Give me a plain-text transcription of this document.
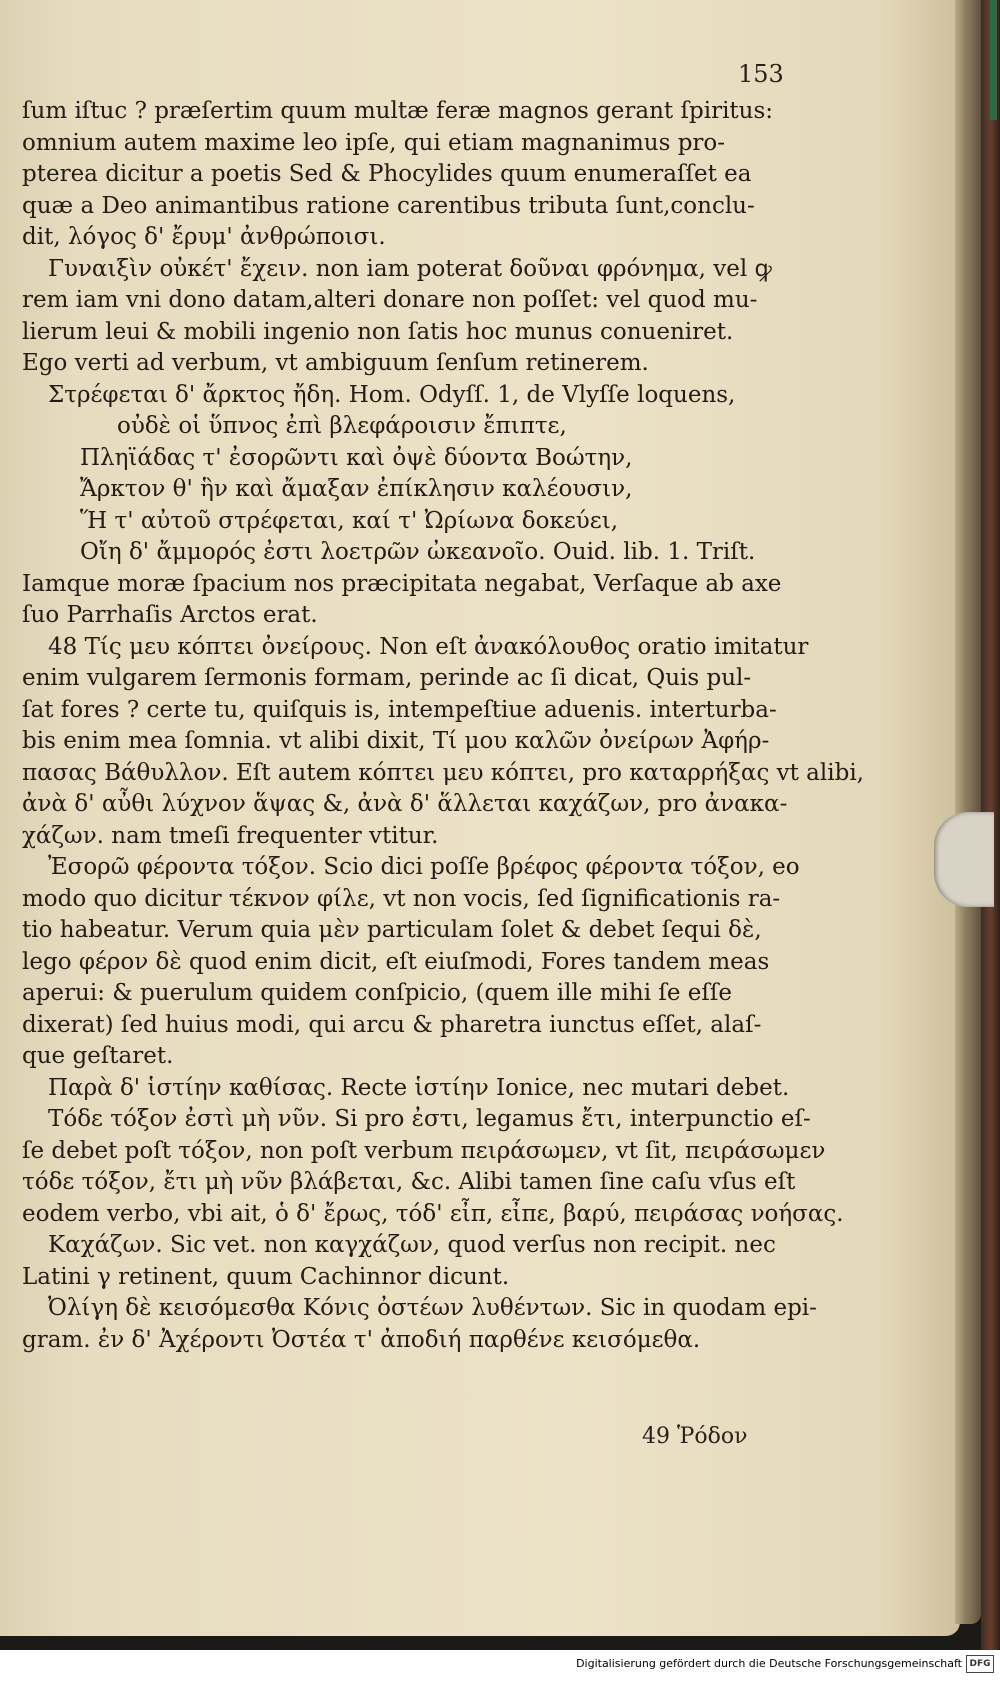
153
ſum iſtuc ? præſertim quum multæ feræ magnos gerant ſpiritus:
omnium autem maxime leo ipſe, qui etiam magnanimus pro-
pterea dicitur a poetis Sed & Phocylides quum enumeraſſet ea
quæ a Deo animantibus ratione carentibus tributa ſunt,conclu-
dit, λόγος δ' ἔρυμ' ἀνθρώποισι.
Γυναιξὶν οὐκέτ' ἔχειν. non iam poterat δοῦναι φρόνημα, vel ꝙ
rem iam vni dono datam,alteri donare non poſſet: vel quod mu-
lierum leui & mobili ingenio non ſatis hoc munus conueniret.
Ego verti ad verbum, vt ambiguum ſenſum retinerem.
Στρέφεται δ' ἄρκτος ἤδη. Hom. Odyſſ. 1, de Vlyſſe loquens,
οὐδὲ οἱ ὕπνος ἐπὶ βλεφάροισιν ἔπιπτε,
Πληϊάδας τ' ἐσορῶντι καὶ ὀψὲ δύοντα Βοώτην,
Ἄρκτον θ' ἣν καὶ ἄμαξαν ἐπίκλησιν καλέουσιν,
Ἥ τ' αὐτοῦ στρέφεται, καί τ' Ὠρίωνα δοκεύει,
Οἴη δ' ἄμμορός ἐστι λοετρῶν ὠκεανοῖο. Ouid. lib. 1. Triſt.
Iamque moræ ſpacium nos præcipitata negabat, Verſaque ab axe
ſuo Parrhaſis Arctos erat.
48 Τίς μευ κόπτει ὀνείρους. Non eſt ἀνακόλουθος oratio imitatur
enim vulgarem ſermonis formam, perinde ac ſi dicat, Quis pul-
ſat fores ? certe tu, quiſquis is, intempeſtiue aduenis. interturba-
bis enim mea ſomnia. vt alibi dixit, Τί μου καλῶν ὀνείρων Ἀφήρ-
πασας Βάθυλλον. Eſt autem κόπτει μευ κόπτει, pro καταρρήξας vt alibi,
ἀνὰ δ' αὖθι λύχνον ἅψας &, ἀνὰ δ' ἅλλεται καχάζων, pro ἀνακα-
χάζων. nam tmeſi frequenter vtitur.
Ἐσορῶ φέροντα τόξον. Scio dici poſſe βρέφος φέροντα τόξον, eo
modo quo dicitur τέκνον φίλε, vt non vocis, ſed ſignificationis ra-
tio habeatur. Verum quia μὲν particulam ſolet & debet ſequi δὲ,
lego φέρον δὲ quod enim dicit, eſt eiuſmodi, Fores tandem meas
aperui: & puerulum quidem conſpicio, (quem ille mihi ſe eſſe
dixerat) ſed huius modi, qui arcu & pharetra iunctus eſſet, alaſ-
que geſtaret.
Παρὰ δ' ἱστίην καθίσας. Recte ἱστίην Ionice, nec mutari debet.
Τόδε τόξον ἐστὶ μὴ νῦν. Si pro ἐστι, legamus ἔτι, interpunctio eſ-
ſe debet poſt τόξον, non poſt verbum πειράσωμεν, vt ſit, πειράσωμεν
τόδε τόξον, ἔτι μὴ νῦν βλάβεται, &c. Alibi tamen ſine caſu vſus eſt
eodem verbo, vbi ait, ὁ δ' ἔρως, τόδ' εἶπ, εἶπε, βαρύ, πειράσας νοήσας.
Καχάζων. Sic vet. non καγχάζων, quod verſus non recipit. nec
Latini γ retinent, quum Cachinnor dicunt.
Ὀλίγη δὲ κεισόμεσθα Κόνις ὀστέων λυθέντων. Sic in quodam epi-
gram. ἐν δ' Ἀχέροντι Ὀστέα τ' ἀποδιή παρθένε κεισόμεθα.
49 Ῥόδον
Digitalisierung gefördert durch die Deutsche Forschungsgemeinschaft DFG
